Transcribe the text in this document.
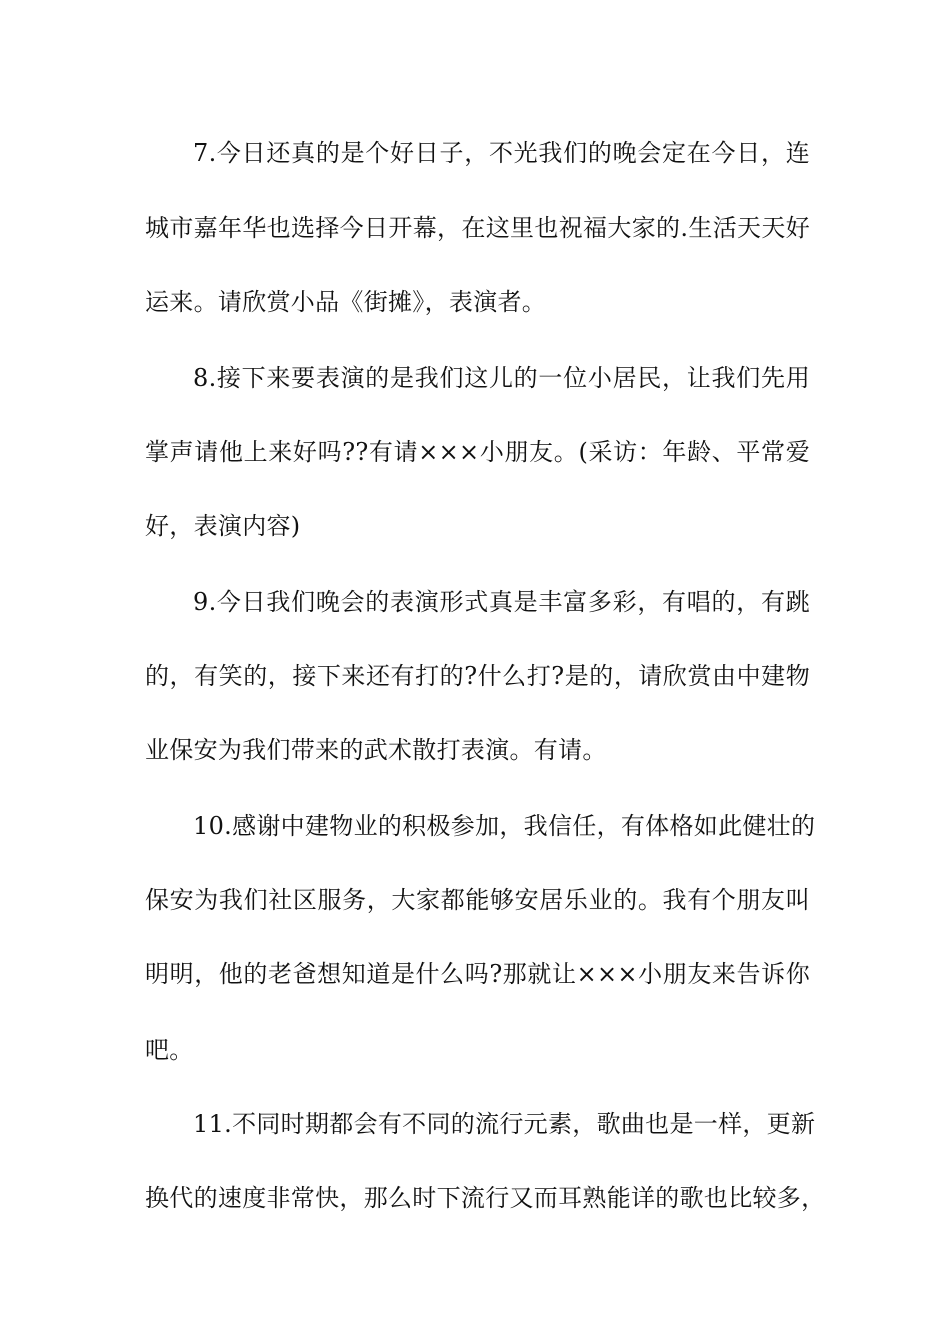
7.今日还真的是个好日子，不光我们的晚会定在今日，连
城市嘉年华也选择今日开幕，在这里也祝福大家的.生活天天好
运来。请欣赏小品《街摊》，表演者。
8.接下来要表演的是我们这儿的一位小居民，让我们先用
掌声请他上来好吗??有请×××小朋友。(采访：年龄、平常爱
好，表演内容)
9.今日我们晚会的表演形式真是丰富多彩，有唱的，有跳
的，有笑的，接下来还有打的?什么打?是的，请欣赏由中建物
业保安为我们带来的武术散打表演。有请。
10.感谢中建物业的积极参加，我信任，有体格如此健壮的
保安为我们社区服务，大家都能够安居乐业的。我有个朋友叫
明明，他的老爸想知道是什么吗?那就让×××小朋友来告诉你
吧。
11.不同时期都会有不同的流行元素，歌曲也是一样，更新
换代的速度非常快，那么时下流行又而耳熟能详的歌也比较多，
